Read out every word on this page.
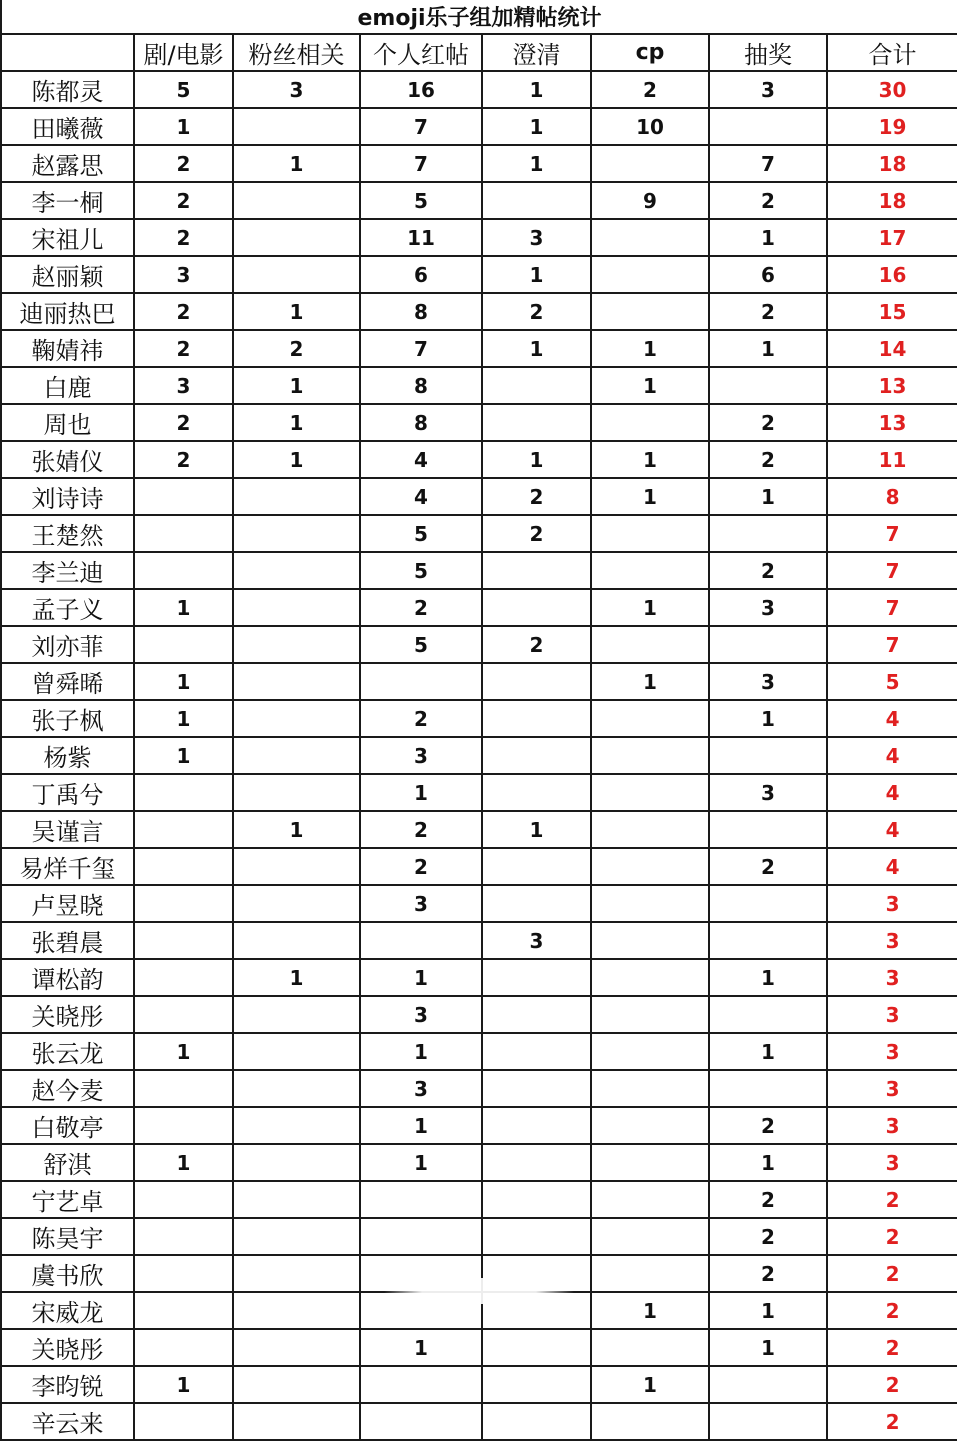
emoji乐子组加精帖统计							
	剧/电影	粉丝相关	个人红帖	澄清	cp	抽奖	合计
陈都灵	5	3	16	1	2	3	30
田曦薇	1		7	1	10		19
赵露思	2	1	7	1		7	18
李一桐	2		5		9	2	18
宋祖儿	2		11	3		1	17
赵丽颖	3		6	1		6	16
迪丽热巴	2	1	8	2		2	15
鞠婧祎	2	2	7	1	1	1	14
白鹿	3	1	8		1		13
周也	2	1	8			2	13
张婧仪	2	1	4	1	1	2	11
刘诗诗			4	2	1	1	8
王楚然			5	2			7
李兰迪			5			2	7
孟子义	1		2		1	3	7
刘亦菲			5	2			7
曾舜晞	1				1	3	5
张子枫	1		2			1	4
杨紫	1		3				4
丁禹兮			1			3	4
吴谨言		1	2	1			4
易烊千玺			2			2	4
卢昱晓			3				3
张碧晨				3			3
谭松韵		1	1			1	3
关晓彤			3				3
张云龙	1		1			1	3
赵今麦			3				3
白敬亭			1			2	3
舒淇	1		1			1	3
宁艺卓						2	2
陈昊宇						2	2
虞书欣						2	2
宋威龙					1	1	2
关晓彤			1			1	2
李昀锐	1				1		2
辛云来							2
